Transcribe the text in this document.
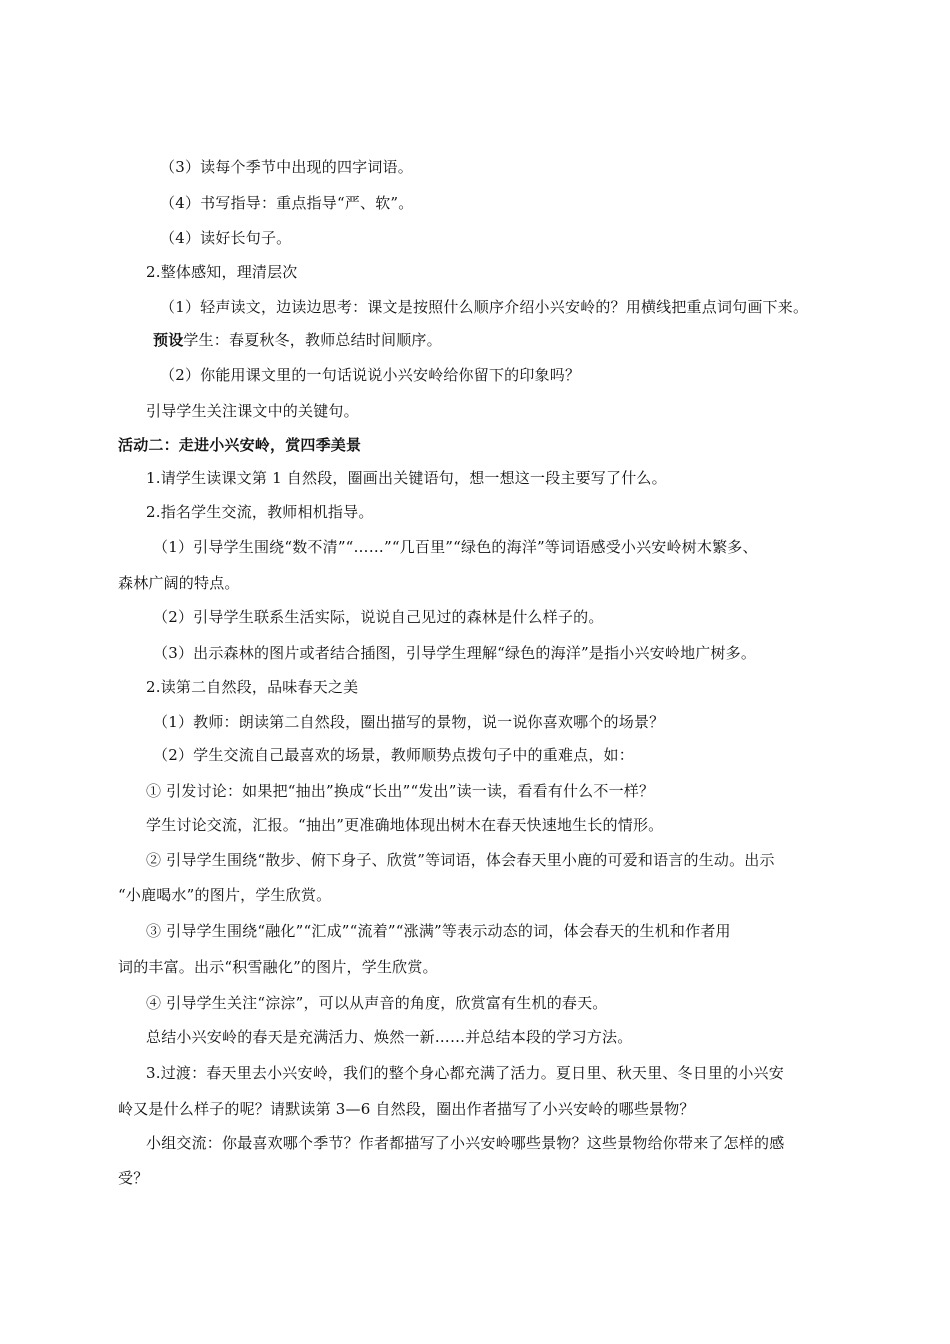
（3）读每个季节中出现的四字词语。
（4）书写指导：重点指导“严、软”。
（4）读好长句子。
2.整体感知，理清层次
（1）轻声读文，边读边思考：课文是按照什么顺序介绍小兴安岭的？用横线把重点词句画下来。
预设学生：春夏秋冬，教师总结时间顺序。
（2）你能用课文里的一句话说说小兴安岭给你留下的印象吗？
引导学生关注课文中的关键句。
活动二：走进小兴安岭，赏四季美景
1.请学生读课文第 1 自然段，圈画出关键语句，想一想这一段主要写了什么。
2.指名学生交流，教师相机指导。
（1）引导学生围绕“数不清”“……”“几百里”“绿色的海洋”等词语感受小兴安岭树木繁多、
森林广阔的特点。
（2）引导学生联系生活实际，说说自己见过的森林是什么样子的。
（3）出示森林的图片或者结合插图，引导学生理解“绿色的海洋”是指小兴安岭地广树多。
2.读第二自然段，品味春天之美
（1）教师：朗读第二自然段，圈出描写的景物，说一说你喜欢哪个的场景？
（2）学生交流自己最喜欢的场景，教师顺势点拨句子中的重难点，如：
① 引发讨论：如果把“抽出”换成“长出”“发出”读一读，看看有什么不一样？
学生讨论交流，汇报。“抽出”更准确地体现出树木在春天快速地生长的情形。
② 引导学生围绕“散步、俯下身子、欣赏”等词语，体会春天里小鹿的可爱和语言的生动。出示
“小鹿喝水”的图片，学生欣赏。
③ 引导学生围绕“融化”“汇成”“流着”“涨满”等表示动态的词，体会春天的生机和作者用
词的丰富。出示“积雪融化”的图片，学生欣赏。
④ 引导学生关注“淙淙”，可以从声音的角度，欣赏富有生机的春天。
总结小兴安岭的春天是充满活力、焕然一新……并总结本段的学习方法。
3.过渡：春天里去小兴安岭，我们的整个身心都充满了活力。夏日里、秋天里、冬日里的小兴安
岭又是什么样子的呢？请默读第 3—6 自然段，圈出作者描写了小兴安岭的哪些景物？
小组交流：你最喜欢哪个季节？作者都描写了小兴安岭哪些景物？这些景物给你带来了怎样的感
受？
